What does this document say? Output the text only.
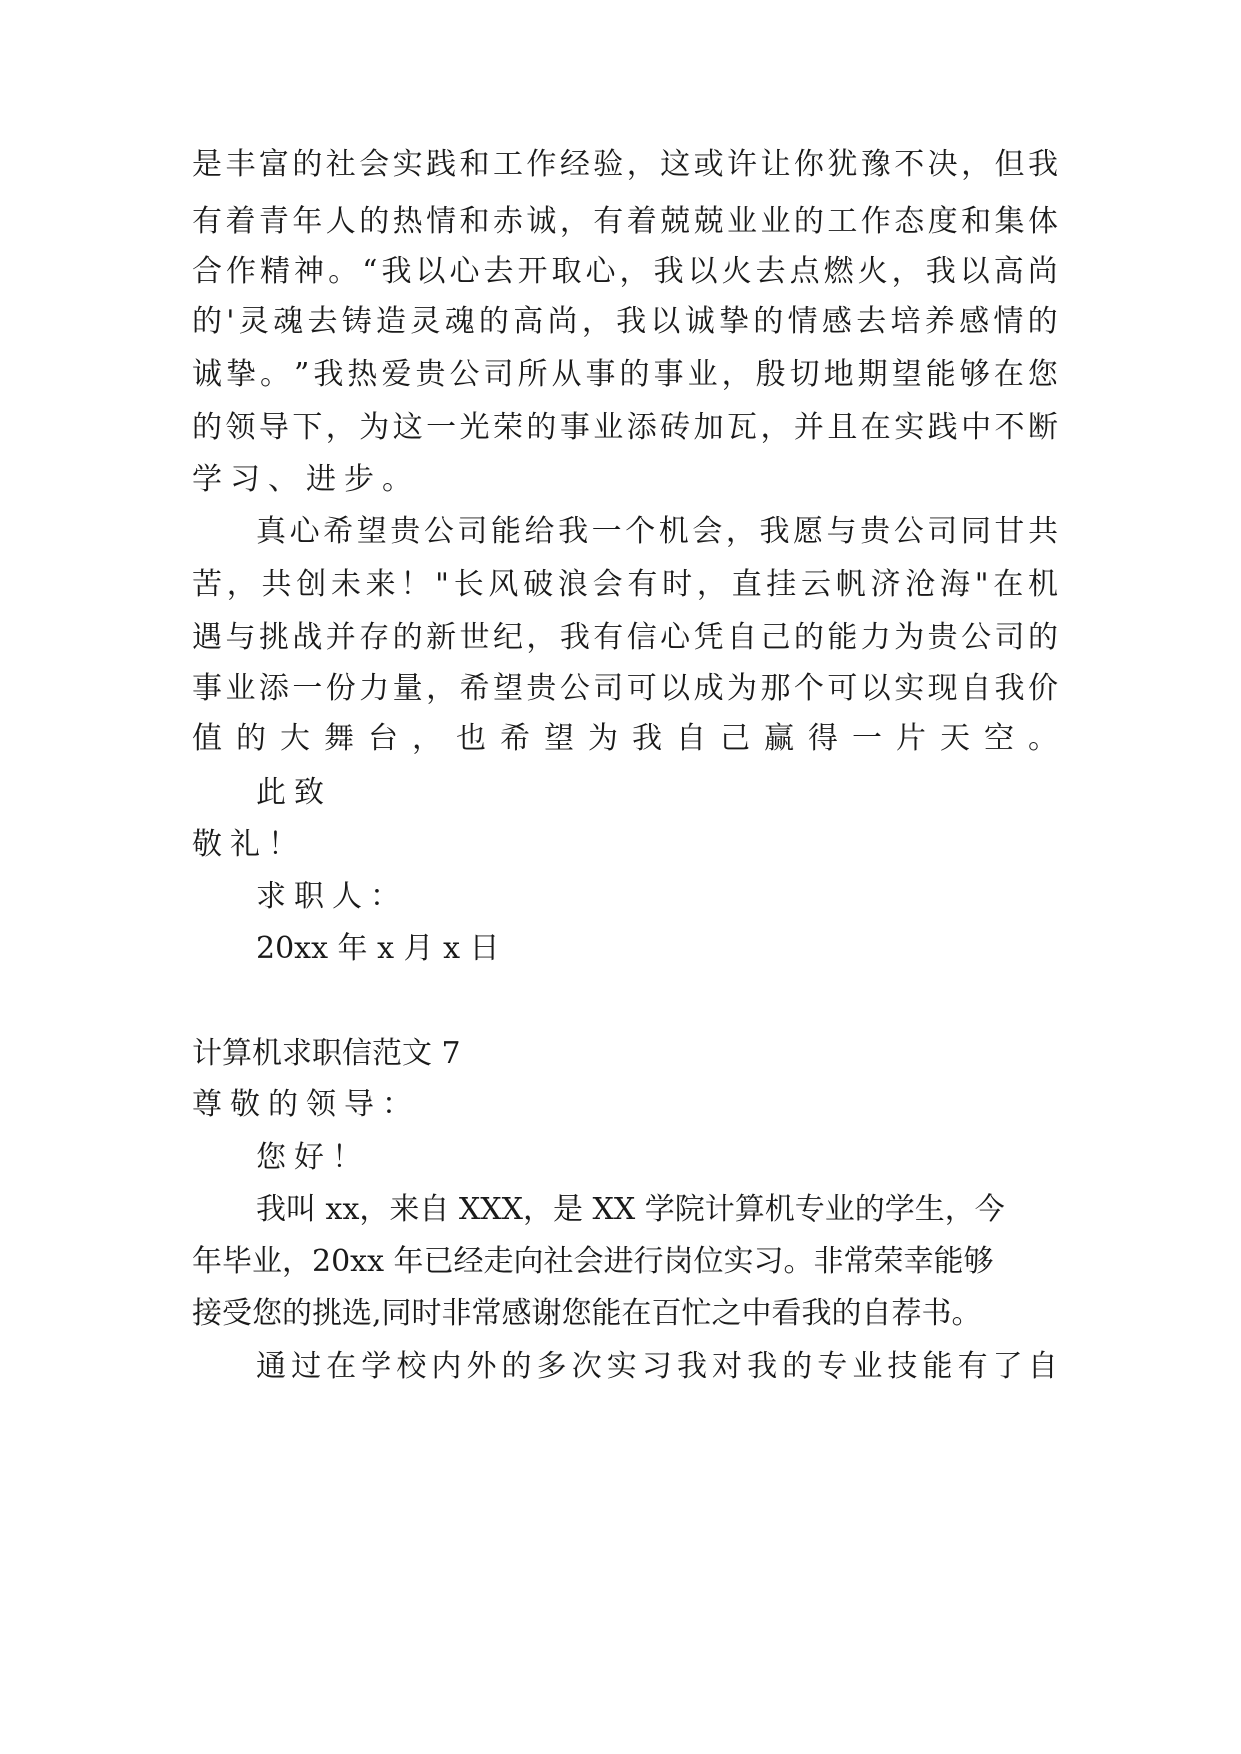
是 丰 富 的 社 会 实 践 和 工 作 经 验 ， 这 或 许 让 你 犹 豫 不 决 ， 但 我
有 着 青 年 人 的 热 情 和 赤 诚 ， 有 着 兢 兢 业 业 的 工 作 态 度 和 集 体
合 作 精 神 。 “ 我 以 心 去 开 取 心 ， 我 以 火 去 点 燃 火 ， 我 以 高 尚
的 ' 灵 魂 去 铸 造 灵 魂 的 高 尚 ， 我 以 诚 挚 的 情 感 去 培 养 感 情 的
诚 挚 。 ” 我 热 爱 贵 公 司 所 从 事 的 事 业 ， 殷 切 地 期 望 能 够 在 您
的 领 导 下 ， 为 这 一 光 荣 的 事 业 添 砖 加 瓦 ， 并 且 在 实 践 中 不 断
学习、进步。
真 心 希 望 贵 公 司 能 给 我 一 个 机 会 ， 我 愿 与 贵 公 司 同 甘 共
苦 ， 共 创 未 来 ！ " 长 风 破 浪 会 有 时 ， 直 挂 云 帆 济 沧 海 " 在 机
遇 与 挑 战 并 存 的 新 世 纪 ， 我 有 信 心 凭 自 己 的 能 力 为 贵 公 司 的
事 业 添 一 份 力 量 ， 希 望 贵 公 司 可 以 成 为 那 个 可 以 实 现 自 我 价
值 的 大 舞 台 ， 也 希 望 为 我 自 己 赢 得 一 片 天 空 。
此致
敬礼！
求职人：
20xx 年 x 月 x 日
计算机求职信范文 7
尊敬的领导：
您好！
我叫 xx，来自 XXX，是 XX 学院计算机专业的学生，今
年毕业，20xx 年已经走向社会进行岗位实习。非常荣幸能够
接受您的挑选,同时非常感谢您能在百忙之中看我的自荐书。
通 过 在 学 校 内 外 的 多 次 实 习 我 对 我 的 专 业 技 能 有 了 自
